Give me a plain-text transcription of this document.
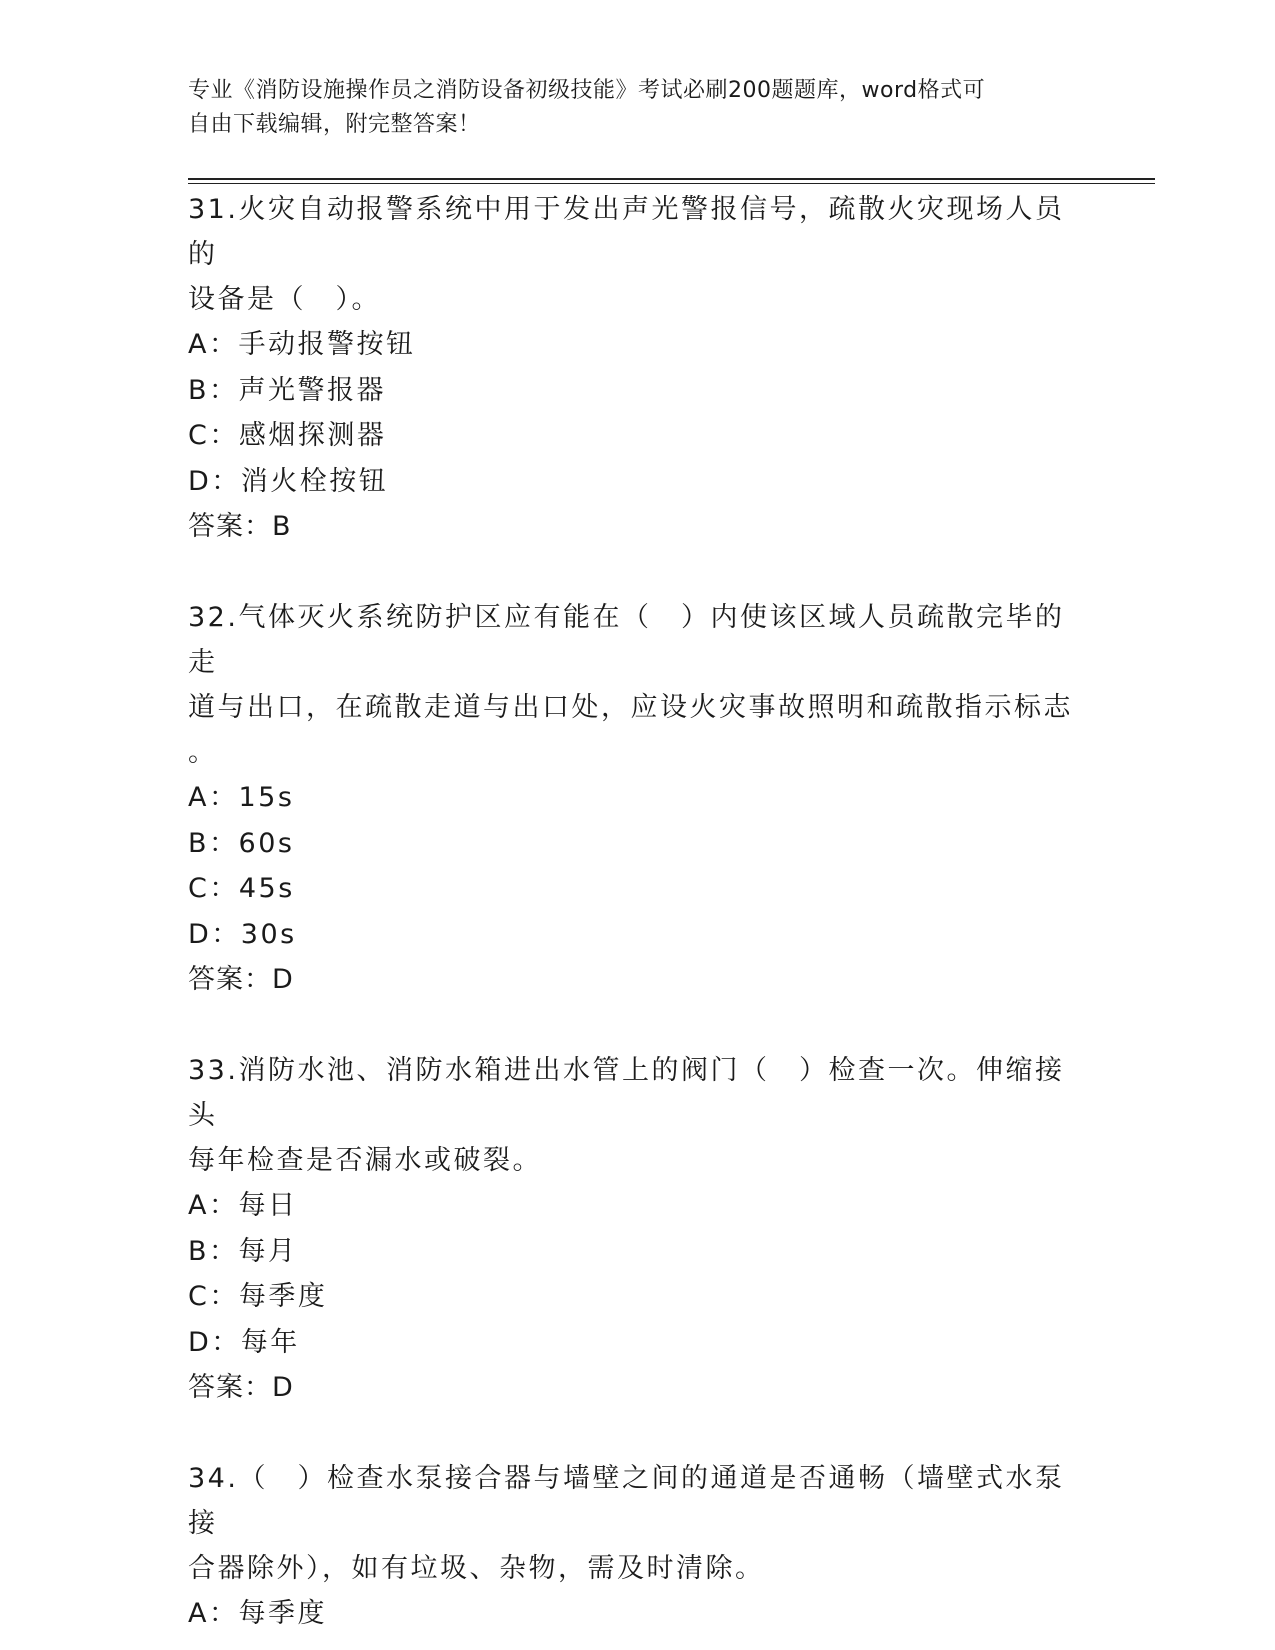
专业《消防设施操作员之消防设备初级技能》考试必刷200题题库，word格式可
自由下载编辑，附完整答案！

31.火灾自动报警系统中用于发出声光警报信号，疏散火灾现场人员的

设备是（　）。

A：手动报警按钮

B：声光警报器

C：感烟探测器

D：消火栓按钮

答案：B

32.气体灭火系统防护区应有能在（　）内使该区域人员疏散完毕的走

道与出口，在疏散走道与出口处，应设火灾事故照明和疏散指示标志

。

A：15s

B：60s

C：45s

D：30s

答案：D

33.消防水池、消防水箱进出水管上的阀门（　）检查一次。伸缩接头

每年检查是否漏水或破裂。

A：每日

B：每月

C：每季度

D：每年

答案：D

34.（　）检查水泵接合器与墙壁之间的通道是否通畅（墙壁式水泵接

合器除外），如有垃圾、杂物，需及时清除。

A：每季度
